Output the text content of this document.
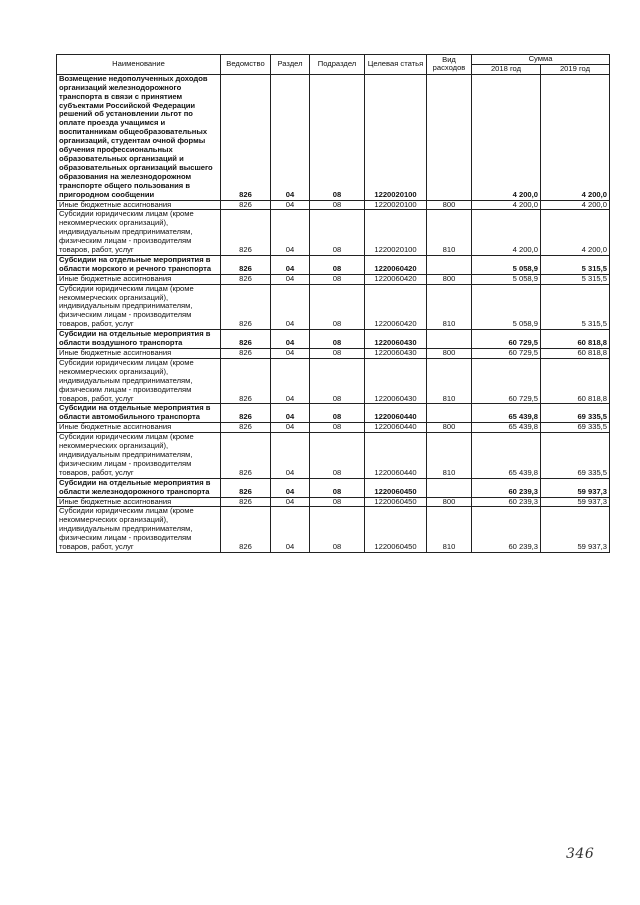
Наименование	Ведомство	Раздел	Подраздел	Целевая статья	Вид расходов	Сумма	
						2018 год	2019 год
Возмещение недополученных доходов организаций железнодорожного транспорта в связи с принятием субъектами Российской Федерации решений об установлении льгот по оплате проезда учащимся и воспитанникам общеобразовательных организаций, студентам очной формы обучения профессиональных образовательных организаций и образовательных организаций высшего образования на железнодорожном транспорте общего пользования в пригородном сообщении	826	04	08	1220020100		4 200,0	4 200,0
Иные бюджетные ассигнования	826	04	08	1220020100	800	4 200,0	4 200,0
Субсидии юридическим лицам (кроме некоммерческих организаций), индивидуальным предпринимателям, физическим лицам - производителям товаров, работ, услуг	826	04	08	1220020100	810	4 200,0	4 200,0
Субсидии на отдельные мероприятия в области морского и речного транспорта	826	04	08	1220060420		5 058,9	5 315,5
Иные бюджетные ассигнования	826	04	08	1220060420	800	5 058,9	5 315,5
Субсидии юридическим лицам (кроме некоммерческих организаций), индивидуальным предпринимателям, физическим лицам - производителям товаров, работ, услуг	826	04	08	1220060420	810	5 058,9	5 315,5
Субсидии на отдельные мероприятия в области воздушного транспорта	826	04	08	1220060430		60 729,5	60 818,8
Иные бюджетные ассигнования	826	04	08	1220060430	800	60 729,5	60 818,8
Субсидии юридическим лицам (кроме некоммерческих организаций), индивидуальным предпринимателям, физическим лицам - производителям товаров, работ, услуг	826	04	08	1220060430	810	60 729,5	60 818,8
Субсидии на отдельные мероприятия в области автомобильного транспорта	826	04	08	1220060440		65 439,8	69 335,5
Иные бюджетные ассигнования	826	04	08	1220060440	800	65 439,8	69 335,5
Субсидии юридическим лицам (кроме некоммерческих организаций), индивидуальным предпринимателям, физическим лицам - производителям товаров, работ, услуг	826	04	08	1220060440	810	65 439,8	69 335,5
Субсидии на отдельные мероприятия в области железнодорожного транспорта	826	04	08	1220060450		60 239,3	59 937,3
Иные бюджетные ассигнования	826	04	08	1220060450	800	60 239,3	59 937,3
Субсидии юридическим лицам (кроме некоммерческих организаций), индивидуальным предпринимателям, физическим лицам - производителям товаров, работ, услуг	826	04	08	1220060450	810	60 239,3	59 937,3
346
